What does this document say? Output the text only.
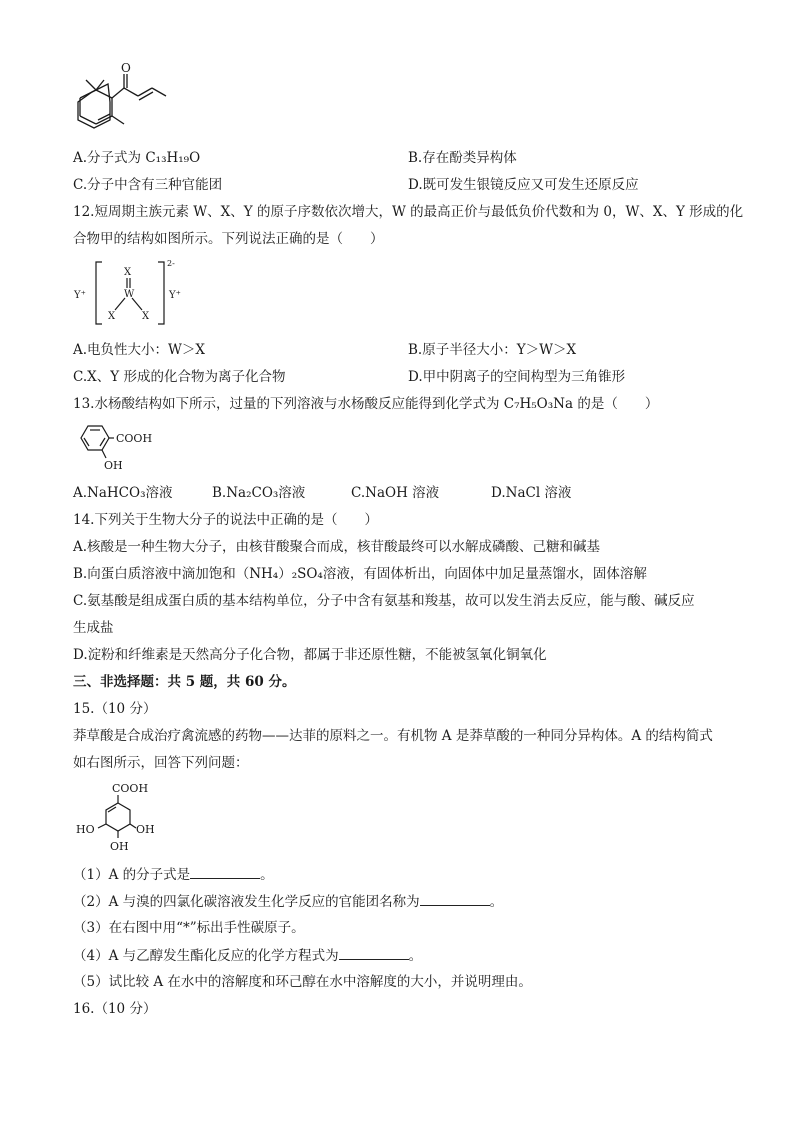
O
A.分子式为 C₁₃H₁₉O	B.存在酚类异构体
C.分子中含有三种官能团	D.既可发生银镜反应又可发生还原反应
12.短周期主族元素 W、X、Y 的原子序数依次增大，W 的最高正价与最低负价代数和为 0，W、X、Y 形成的化
合物甲的结构如图所示。下列说法正确的是（　　）
Y⁺
X
W
X	X
2-
Y⁺
A.电负性大小：W＞X	B.原子半径大小：Y＞W＞X
C.X、Y 形成的化合物为离子化合物	D.甲中阴离子的空间构型为三角锥形
13.水杨酸结构如下所示，过量的下列溶液与水杨酸反应能得到化学式为 C₇H₅O₃Na 的是（　　）
COOH
OH
A.NaHCO₃溶液	B.Na₂CO₃溶液	C.NaOH 溶液	D.NaCl 溶液
14.下列关于生物大分子的说法中正确的是（　　）
A.核酸是一种生物大分子，由核苷酸聚合而成，核苷酸最终可以水解成磷酸、己糖和碱基
B.向蛋白质溶液中滴加饱和（NH₄）₂SO₄溶液，有固体析出，向固体中加足量蒸馏水，固体溶解
C.氨基酸是组成蛋白质的基本结构单位，分子中含有氨基和羧基，故可以发生消去反应，能与酸、碱反应
生成盐
D.淀粉和纤维素是天然高分子化合物，都属于非还原性糖，不能被氢氧化铜氧化
三、非选择题：共 5 题，共 60 分。
15.（10 分）
莽草酸是合成治疗禽流感的药物——达菲的原料之一。有机物 A 是莽草酸的一种同分异构体。A 的结构简式
如右图所示，回答下列问题：
COOH
HO	OH
OH
（1）A 的分子式是	。
（2）A 与溴的四氯化碳溶液发生化学反应的官能团名称为	。
（3）在右图中用“*”标出手性碳原子。
（4）A 与乙醇发生酯化反应的化学方程式为	。
（5）试比较 A 在水中的溶解度和环己醇在水中溶解度的大小，并说明理由。
16.（10 分）
